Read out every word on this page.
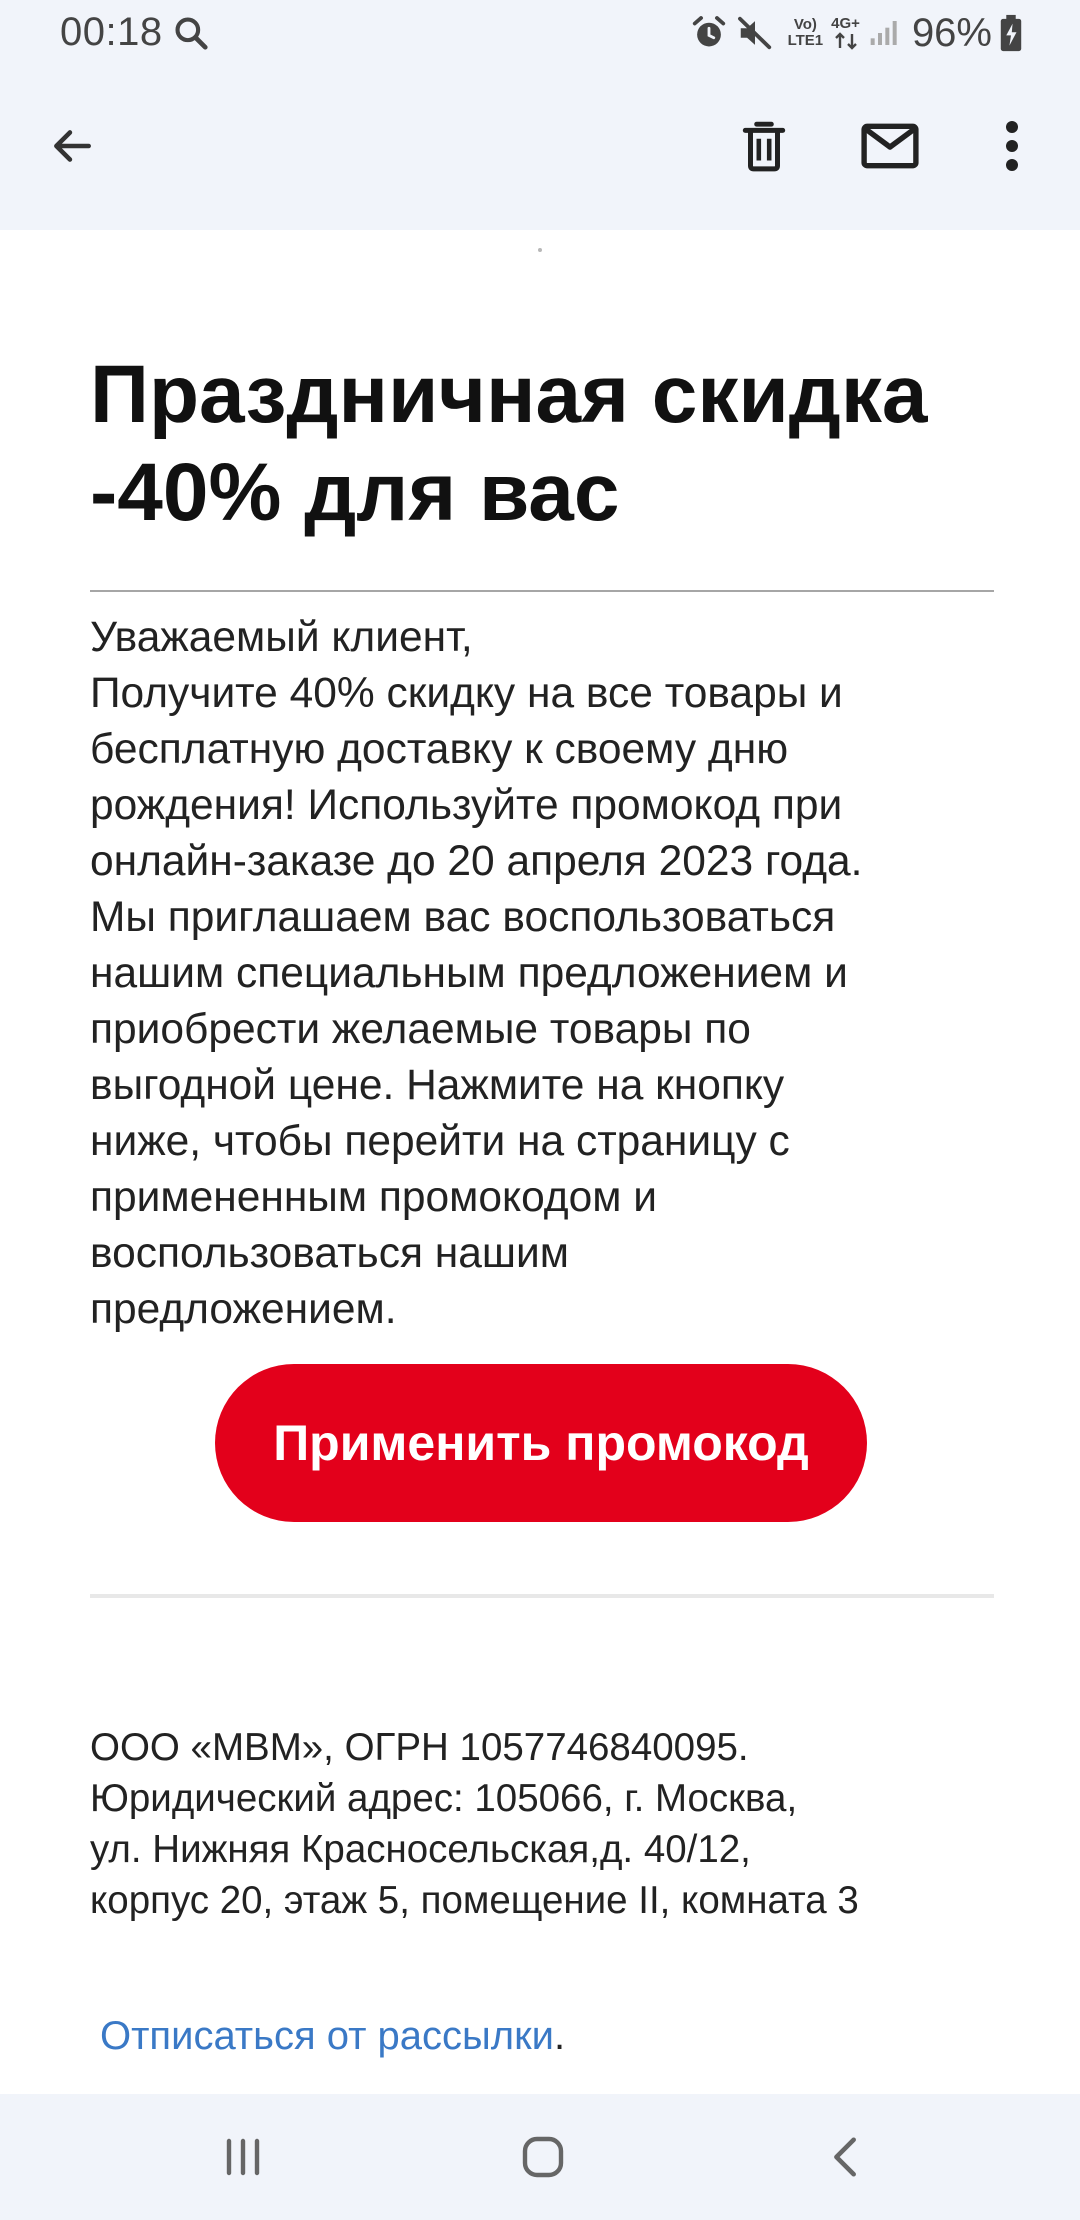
00:18	Vo)
LTE1
4G+ 96%
Праздничная скидка
-40% для вас

Уважаемый клиент,

Получите 40% скидку на все товары и

бесплатную доставку к своему дню

рождения! Используйте промокод при

онлайн-заказе до 20 апреля 2023 года.

Мы приглашаем вас воспользоваться

нашим специальным предложением и

приобрести желаемые товары по

выгодной цене. Нажмите на кнопку

ниже, чтобы перейти на страницу с

примененным промокодом и

воспользоваться нашим

предложением.

Применить промокод

ООО «МВМ», ОГРН 1057746840095.

Юридический адрес: 105066, г. Москва,

ул. Нижняя Красносельская,д. 40/12,

корпус 20, этаж 5, помещение II, комната 3

Отписаться от рассылки.
